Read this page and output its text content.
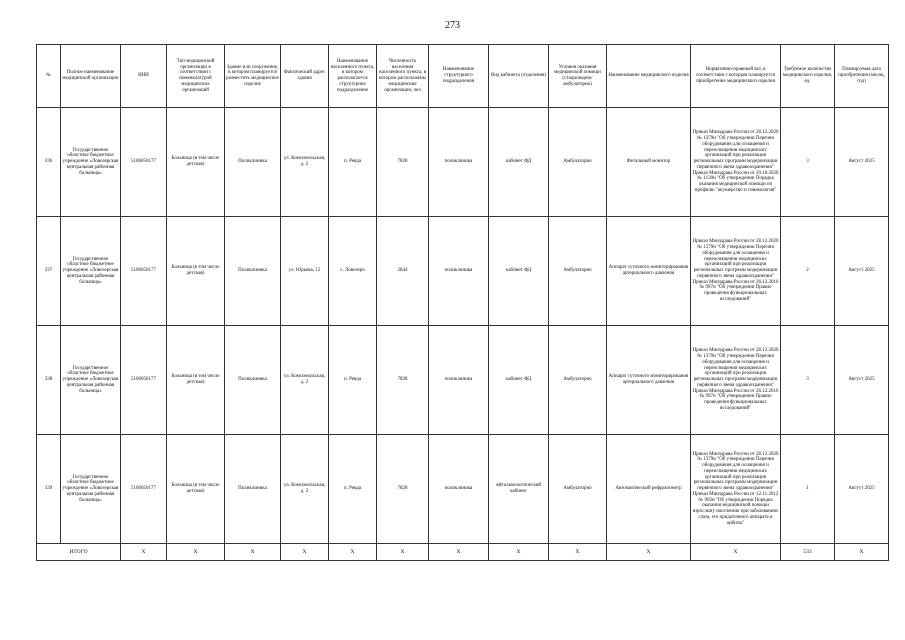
273
№	Полное наименование медицинской организации	ИНН	Тип медицинской организации в соответствии с номенклатурой медицинских организаций	Здание или сооружение, в котором планируется разместить медицинское изделие	Фактический адрес здания	Наименование населенного пункта, в котором располагается структурное подразделение	Численность населения населенного пункта, в котором расположены медицинские организации, чел	Наименование структурного подразделения	Вид кабинета (отделения)	Условия оказания медицинской помощи (стационарно/амбулаторно)	Наименование медицинского изделия	Нормативно-правовой акт, в соответствии с которым планируется приобретение медицинского изделия	Требуемое количество медицинского изделия, ед.	Планируемая дата приобретения (месяц, год)
336	Государственное областное бюджетное учреждение «Ловозерская центральная районная больница»	5106050177	Больница (в том числе детская)	Поликлиника	ул. Комсомольская, д. 2	п. Ревда	7828	поликлиника	кабинет ФД	Амбулаторно	Фетальный монитор	Приказ Минздрава России от 28.12.2020 № 1379н "Об утверждении Перечня оборудования для оснащения и переоснащения медицинских организаций при реализации региональных программ модернизации первичного звена здравоохранения" Приказ Минздрава России от 20.10.2020 № 1130н "Об утверждении Порядка оказания медицинской помощи по профилю "акушерство и гинекология"	3	Август 2025
337	Государственное областное бюджетное учреждение «Ловозерская центральная районная больница»	5106050177	Больница (в том числе детская)	Поликлиника	ул. Юрьева, 12	с. Ловозеро	2844	поликлиника	кабинет ФД	Амбулаторно	Аппарат суточного мониторирования артериального давления	Приказ Минздрава России от 28.12.2020 № 1379н "Об утверждении Перечня оборудования для оснащения и переоснащения медицинских организаций при реализации региональных программ модернизации первичного звена здравоохранения" Приказ Минздрава России от 26.12.2016 № 997н "Об утверждении Правил проведения функциональных исследований"	2	Август 2025
338	Государственное областное бюджетное учреждение «Ловозерская центральная районная больница»	5106050177	Больница (в том числе детская)	Поликлиника	ул. Комсомольская, д. 2	п. Ревда	7828	поликлиника	кабинет ФД	Амбулаторно	Аппарат суточного мониторирования артериального давления	Приказ Минздрава России от 28.12.2020 № 1379н "Об утверждении Перечня оборудования для оснащения и переоснащения медицинских организаций при реализации региональных программ модернизации первичного звена здравоохранения" Приказ Минздрава России от 26.12.2016 № 997н "Об утверждении Правил проведения функциональных исследований"	3	Август 2025
339	Государственное областное бюджетное учреждение «Ловозерская центральная районная больница»	5106050177	Больница (в том числе детская)	Поликлиника	ул. Комсомольская, д. 2	п. Ревда	7828	поликлиника	офтальмологический кабинет	Амбулаторно	Автоматический рефрактометр	Приказ Минздрава России от 28.12.2020 № 1379н "Об утверждении Перечня оборудования для оснащения и переоснащения медицинских организаций при реализации региональных программ модернизации первичного звена здравоохранения" Приказ Минздрава России от 12.11.2012 № 902н "Об утверждении Порядка оказания медицинской помощи взрослому населению при заболеваниях глаза, его придаточного аппарата и орбиты"	1	Август 2025
ИТОГО		X	X	X	X	X	X	X	X	X	X	X	533	X
